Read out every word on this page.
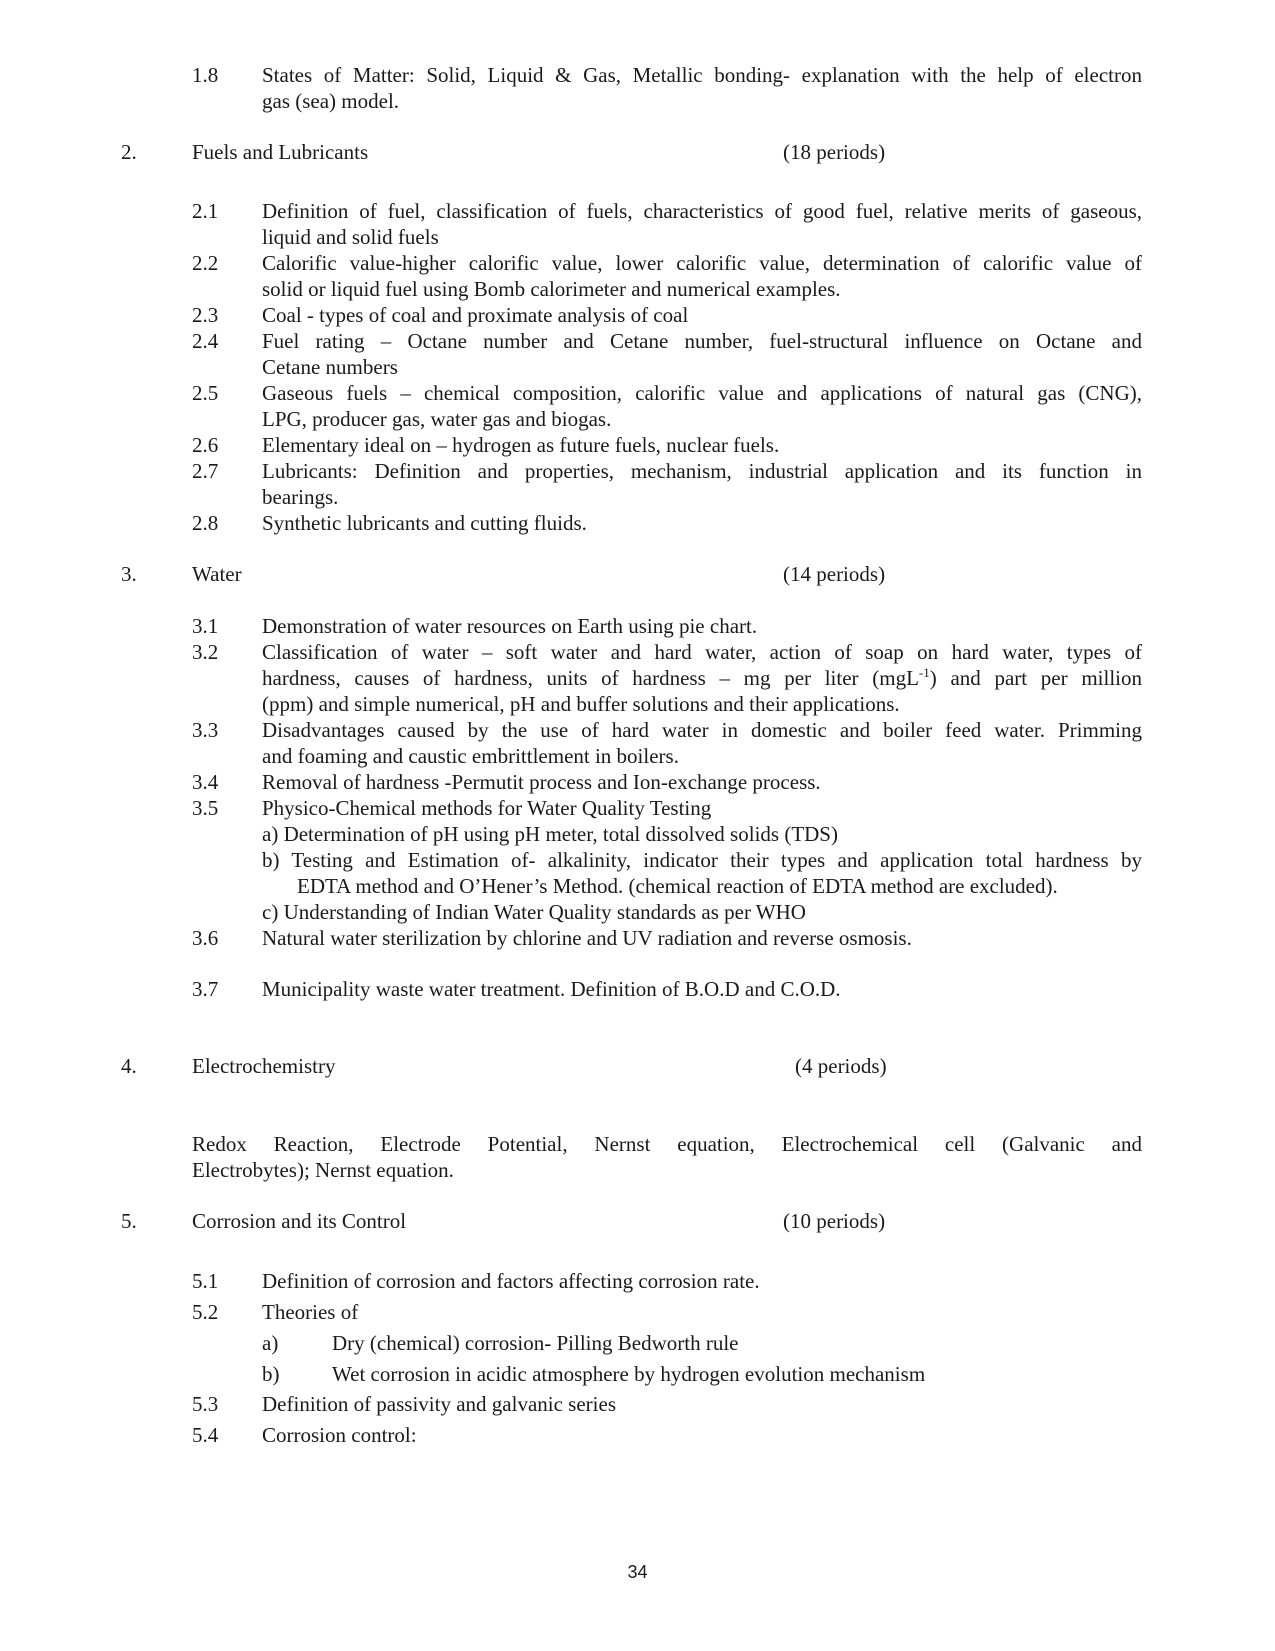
1.8 States of Matter: Solid, Liquid & Gas, Metallic bonding- explanation with the help of electron
gas (sea) model.
2.	Fuels and Lubricants	(18 periods)
2.1 Definition of fuel, classification of fuels, characteristics of good fuel, relative merits of gaseous,
liquid and solid fuels
2.2 Calorific value-higher calorific value, lower calorific value, determination of calorific value of
solid or liquid fuel using Bomb calorimeter and numerical examples.
2.3 Coal - types of coal and proximate analysis of coal
2.4 Fuel rating – Octane number and Cetane number, fuel-structural influence on Octane and
Cetane numbers
2.5 Gaseous fuels – chemical composition, calorific value and applications of natural gas (CNG),
LPG, producer gas, water gas and biogas.
2.6 Elementary ideal on – hydrogen as future fuels, nuclear fuels.
2.7 Lubricants: Definition and properties, mechanism, industrial application and its function in
bearings.
2.8 Synthetic lubricants and cutting fluids.
3.	Water	(14 periods)
3.1 Demonstration of water resources on Earth using pie chart.
3.2 Classification of water – soft water and hard water, action of soap on hard water, types of
hardness, causes of hardness, units of hardness – mg per liter (mgL$^{-1}$) and part per million
(ppm) and simple numerical, pH and buffer solutions and their applications.
3.3 Disadvantages caused by the use of hard water in domestic and boiler feed water. Primming
and foaming and caustic embrittlement in boilers.
3.4 Removal of hardness -Permutit process and Ion-exchange process.
3.5 Physico-Chemical methods for Water Quality Testing
a) Determination of pH using pH meter, total dissolved solids (TDS)
b) Testing and Estimation of- alkalinity, indicator their types and application total hardness by
EDTA method and O’Hener’s Method. (chemical reaction of EDTA method are excluded).
c) Understanding of Indian Water Quality standards as per WHO
3.6 Natural water sterilization by chlorine and UV radiation and reverse osmosis.
3.7 Municipality waste water treatment. Definition of B.O.D and C.O.D.
4.	Electrochemistry	(4 periods)
Redox Reaction, Electrode Potential, Nernst equation, Electrochemical cell (Galvanic and
Electrobytes); Nernst equation.
5.	Corrosion and its Control	(10 periods)
5.1 Definition of corrosion and factors affecting corrosion rate.
5.2 Theories of
a)	Dry (chemical) corrosion- Pilling Bedworth rule
b)	Wet corrosion in acidic atmosphere by hydrogen evolution mechanism
5.3 Definition of passivity and galvanic series
5.4 Corrosion control:
34
